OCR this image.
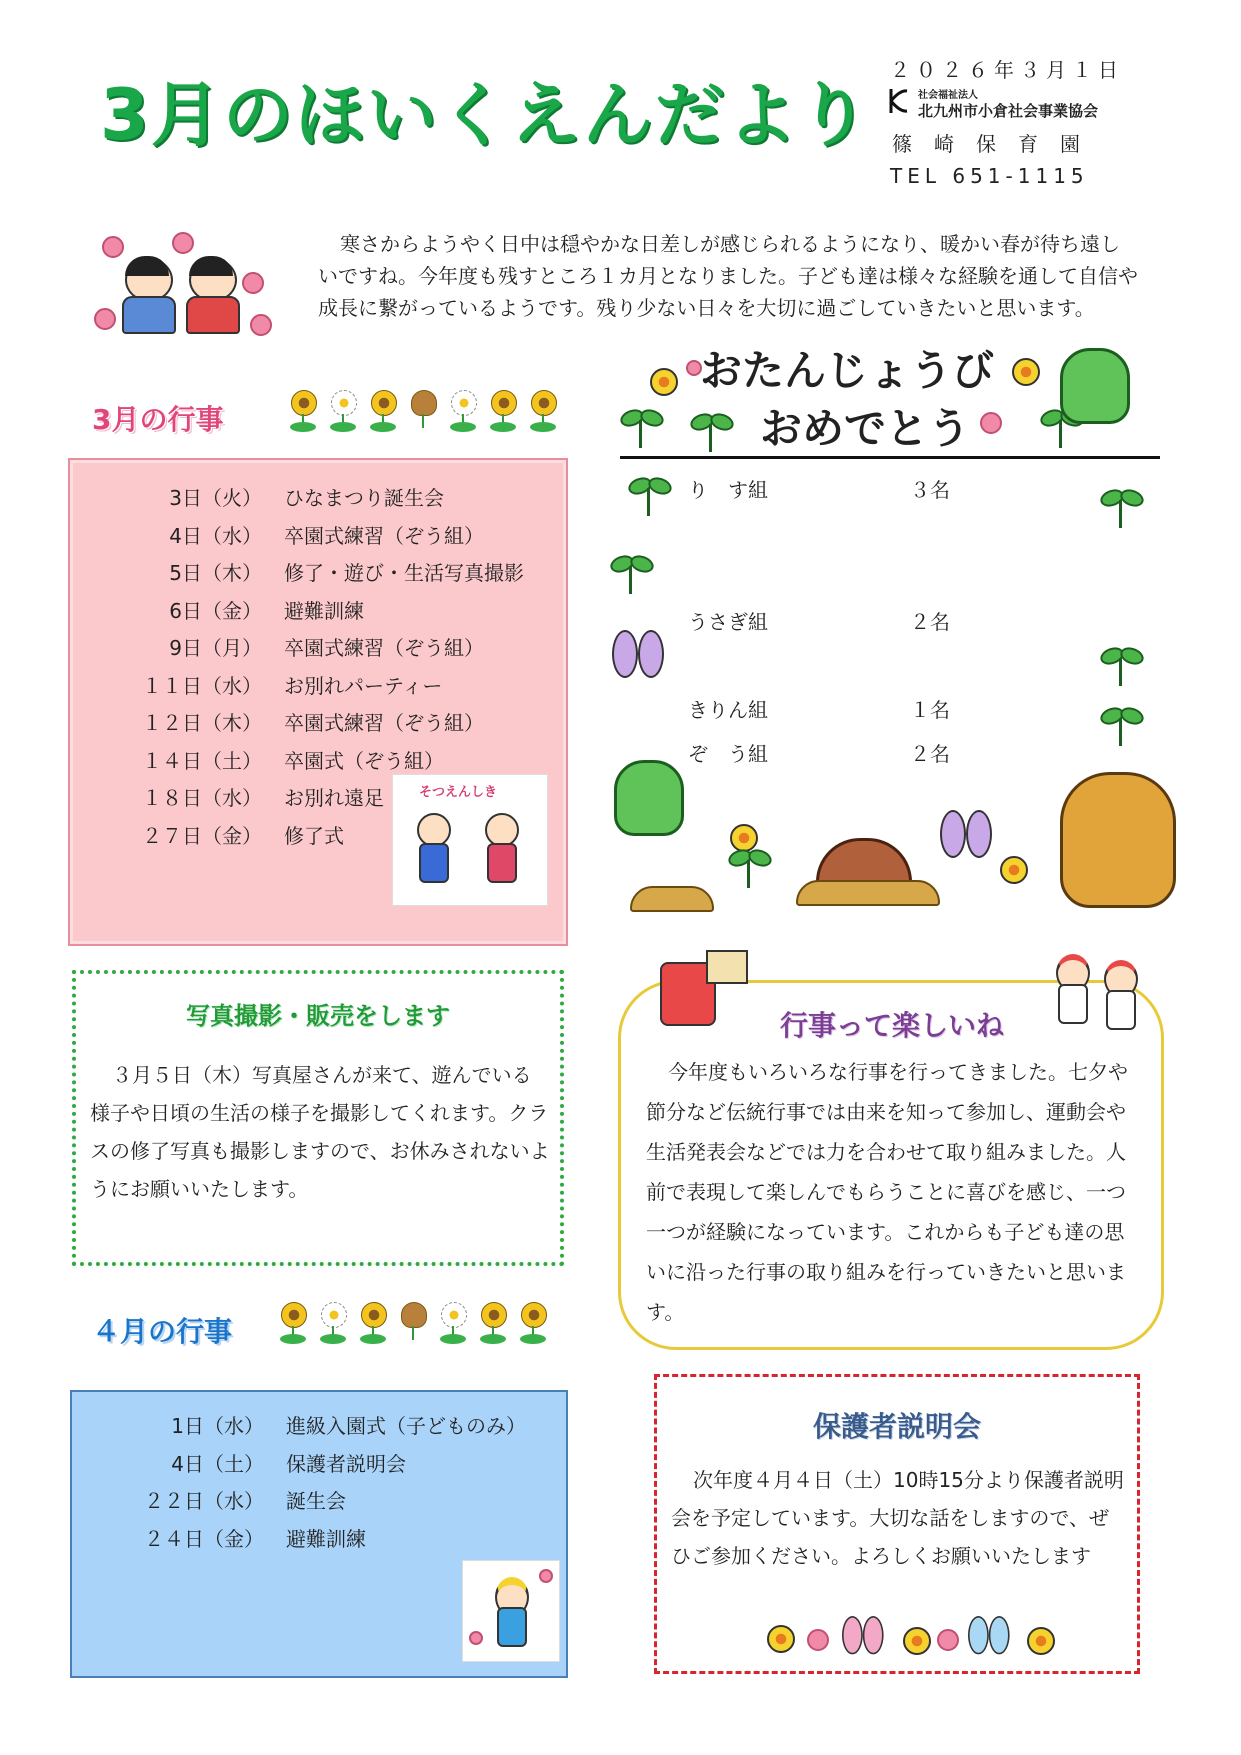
3月のほいくえんだより
２０２６年３月１日
社会福祉法人
北九州市小倉社会事業協会
篠崎保育園
TEL 651-1115
寒さからようやく日中は穏やかな日差しが感じられるようになり、暖かい春が待ち遠しいですね。今年度も残すところ１カ月となりました。子ども達は様々な経験を通して自信や成長に繋がっているようです。残り少ない日々を大切に過ごしていきたいと思います。
3月の行事
3日（火）	ひなまつり誕生会
4日（水）	卒園式練習（ぞう組）
5日（木）	修了・遊び・生活写真撮影
6日（金）	避難訓練
9日（月）	卒園式練習（ぞう組）
１１日（水）	お別れパーティー
１２日（木）	卒園式練習（ぞう組）
１４日（土）	卒園式（ぞう組）
１８日（水）	お別れ遠足
２７日（金）	修了式
そつえんしき
写真撮影・販売をします
３月５日（木）写真屋さんが来て、遊んでいる様子や日頃の生活の様子を撮影してくれます。クラスの修了写真も撮影しますので、お休みされないようにお願いいたします。
４月の行事
1日（水）	進級入園式（子どものみ）
4日（土）	保護者説明会
２２日（水）	誕生会
２４日（金）	避難訓練
おたんじょうび
おめでとう
り　す組	３名
うさぎ組	２名
きりん組	１名
ぞ　う組	２名
行事って楽しいね
今年度もいろいろな行事を行ってきました。七夕や節分など伝統行事では由来を知って参加し、運動会や生活発表会などでは力を合わせて取り組みました。人前で表現して楽しんでもらうことに喜びを感じ、一つ一つが経験になっています。これからも子ども達の思いに沿った行事の取り組みを行っていきたいと思います。
保護者説明会
次年度４月４日（土）10時15分より保護者説明会を予定しています。大切な話をしますので、ぜひご参加ください。よろしくお願いいたします
